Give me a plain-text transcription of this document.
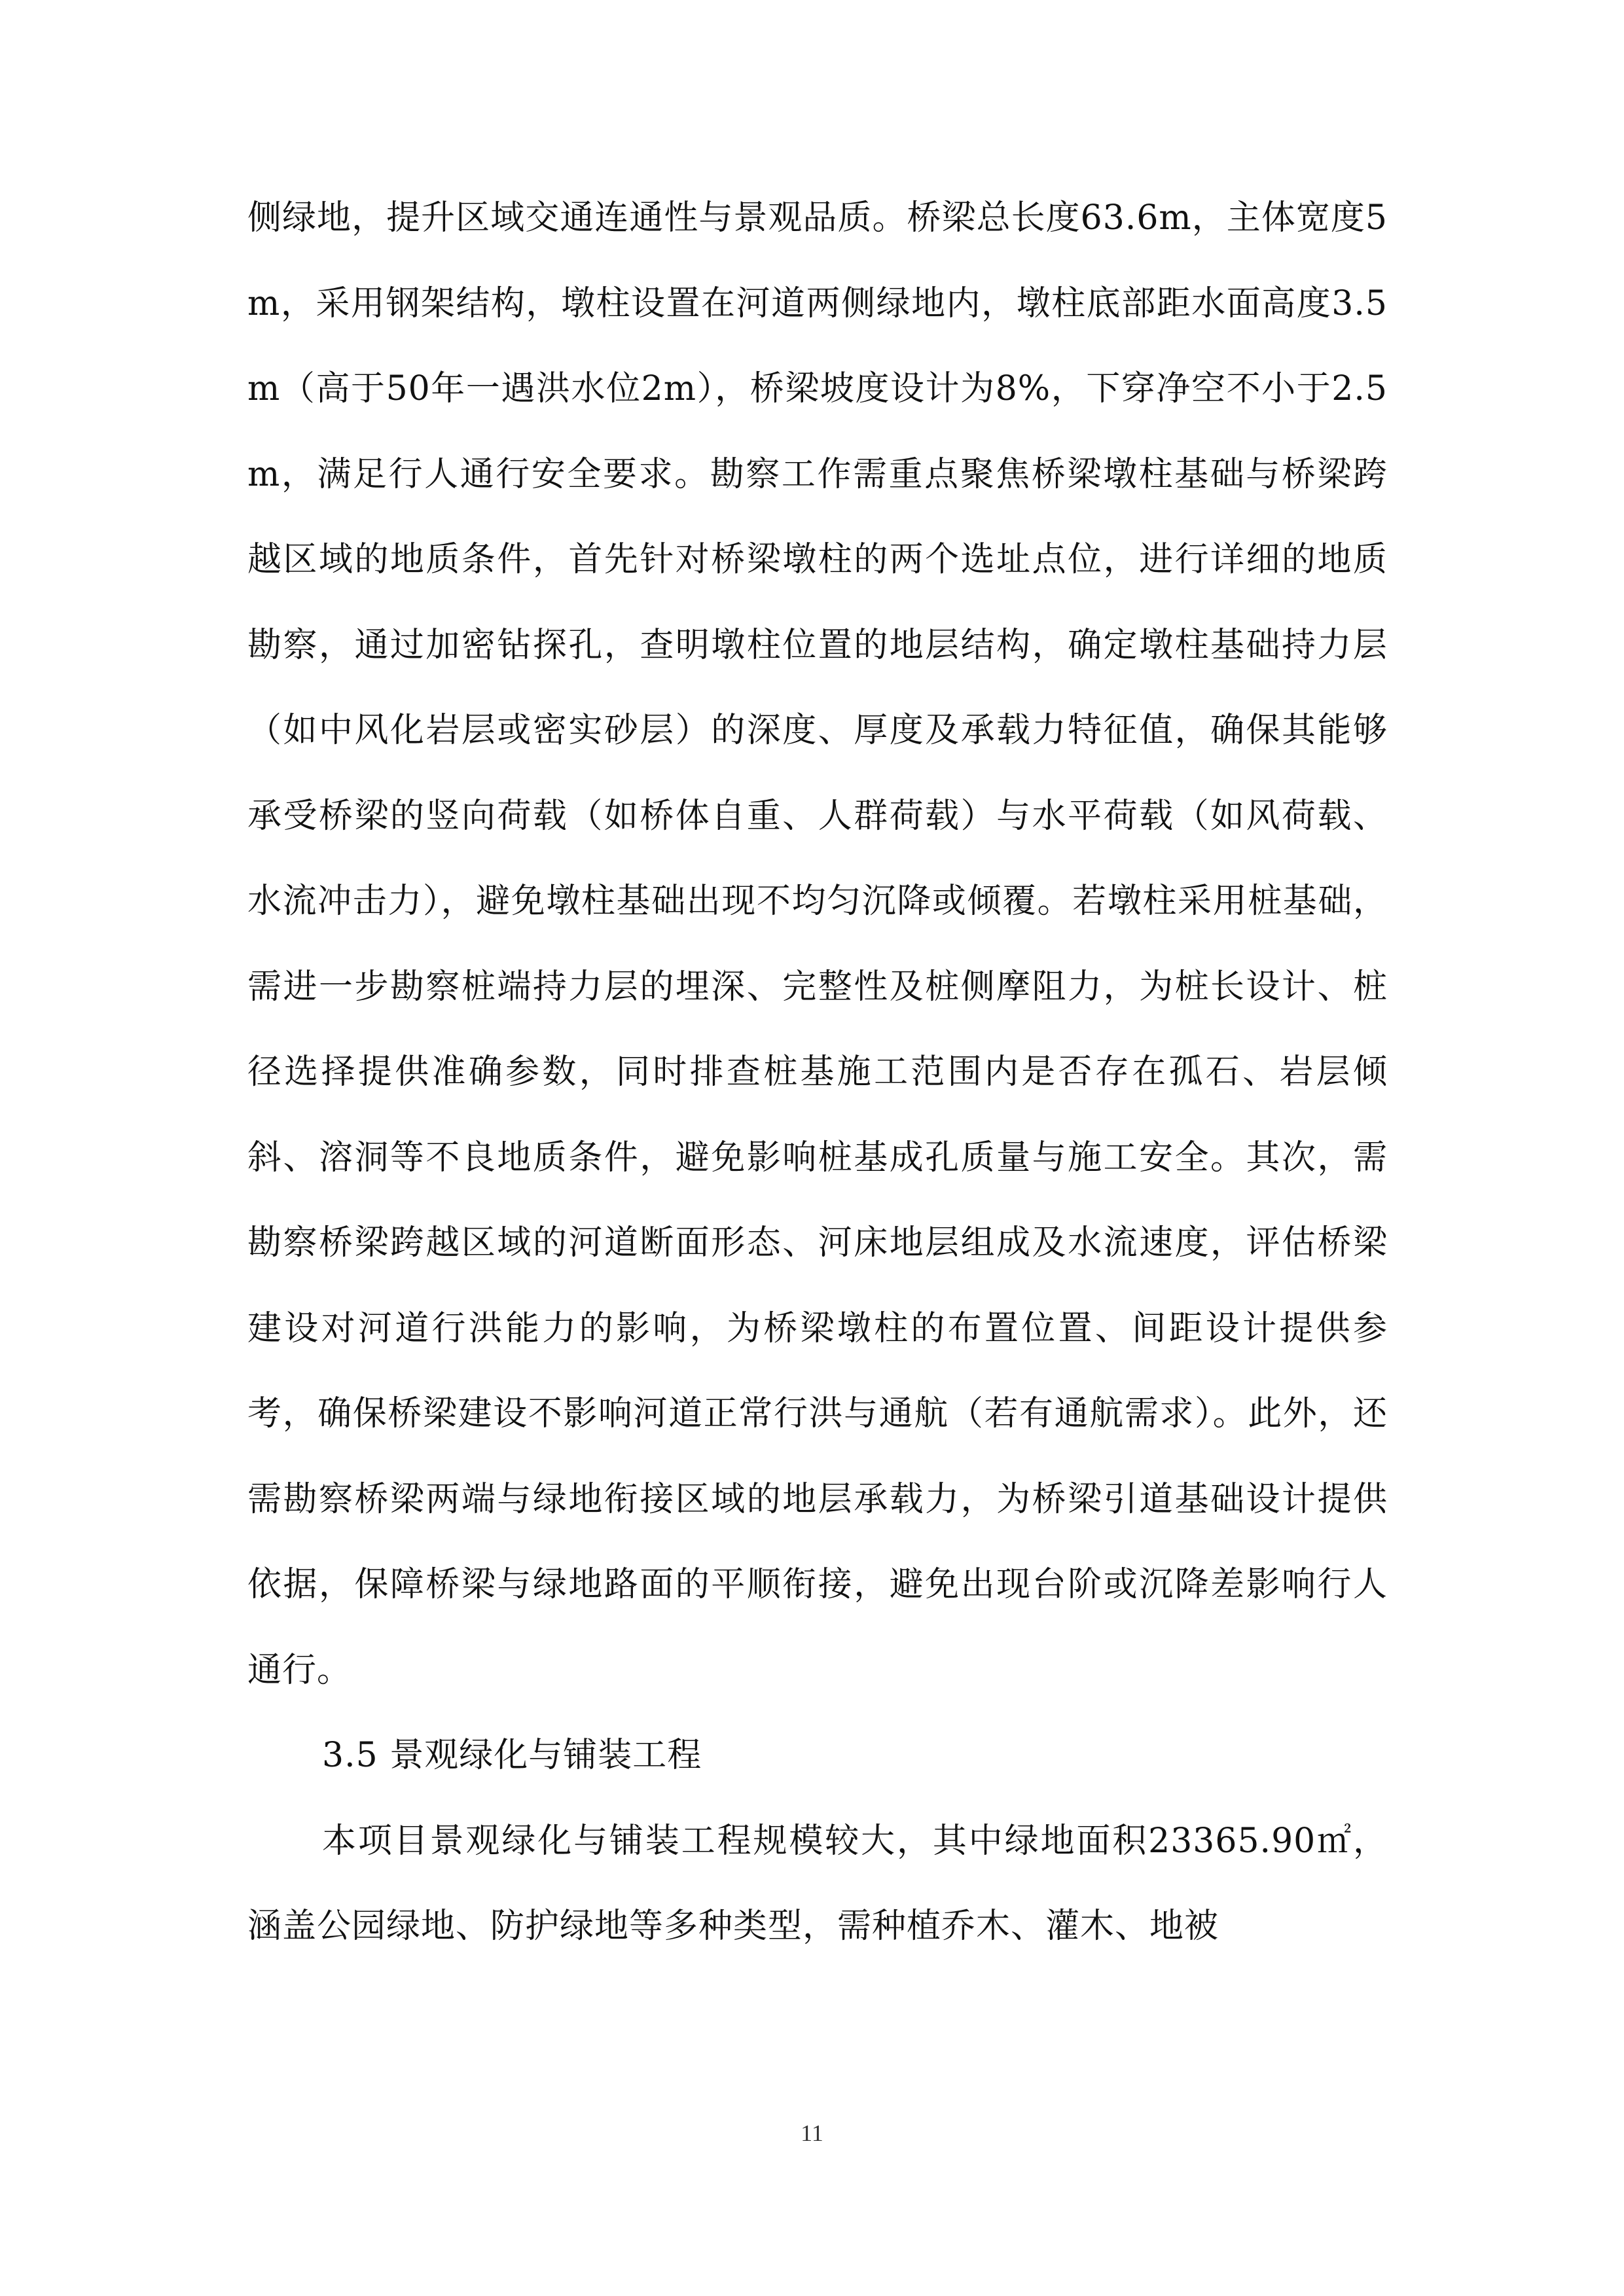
侧绿地，提升区域交通连通性与景观品质。桥梁总长度63.6m，主体宽度5m，采用钢架结构，墩柱设置在河道两侧绿地内，墩柱底部距水面高度3.5m（高于50年一遇洪水位2m），桥梁坡度设计为8%，下穿净空不小于2.5m，满足行人通行安全要求。勘察工作需重点聚焦桥梁墩柱基础与桥梁跨越区域的地质条件，首先针对桥梁墩柱的两个选址点位，进行详细的地质勘察，通过加密钻探孔，查明墩柱位置的地层结构，确定墩柱基础持力层（如中风化岩层或密实砂层）的深度、厚度及承载力特征值，确保其能够承受桥梁的竖向荷载（如桥体自重、人群荷载）与水平荷载（如风荷载、水流冲击力），避免墩柱基础出现不均匀沉降或倾覆。若墩柱采用桩基础，需进一步勘察桩端持力层的埋深、完整性及桩侧摩阻力，为桩长设计、桩径选择提供准确参数，同时排查桩基施工范围内是否存在孤石、岩层倾斜、溶洞等不良地质条件，避免影响桩基成孔质量与施工安全。其次，需勘察桥梁跨越区域的河道断面形态、河床地层组成及水流速度，评估桥梁建设对河道行洪能力的影响，为桥梁墩柱的布置位置、间距设计提供参考，确保桥梁建设不影响河道正常行洪与通航（若有通航需求）。此外，还需勘察桥梁两端与绿地衔接区域的地层承载力，为桥梁引道基础设计提供依据，保障桥梁与绿地路面的平顺衔接，避免出现台阶或沉降差影响行人通行。

3.5 景观绿化与铺装工程

本项目景观绿化与铺装工程规模较大，其中绿地面积23365.90㎡，涵盖公园绿地、防护绿地等多种类型，需种植乔木、灌木、地被

11
